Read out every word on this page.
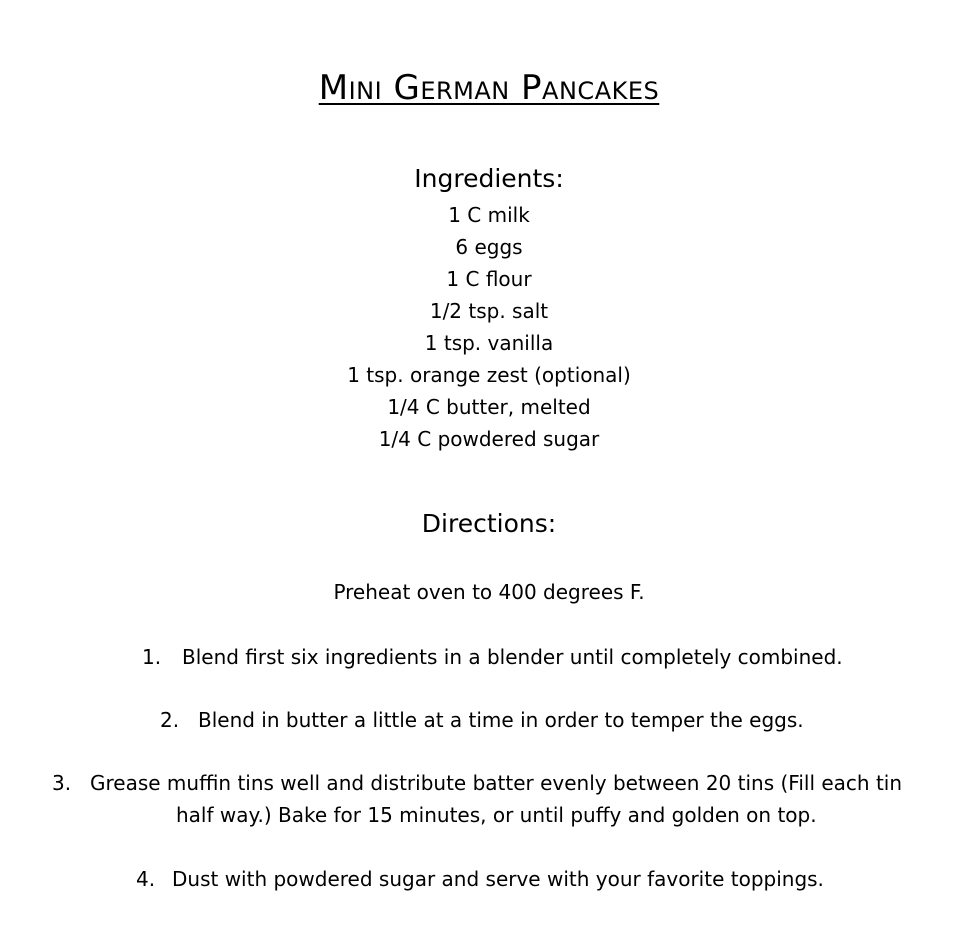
Mini German Pancakes
Ingredients:
1 C milk
6 eggs
1 C flour
1/2 tsp. salt
1 tsp. vanilla
1 tsp. orange zest (optional)
1/4 C butter, melted
1/4 C powdered sugar
Directions:
Preheat oven to 400 degrees F.
1. Blend first six ingredients in a blender until completely combined.
2. Blend in butter a little at a time in order to temper the eggs.
3. Grease muffin tins well and distribute batter evenly between 20 tins (Fill each tin
half way.) Bake for 15 minutes, or until puffy and golden on top.
4. Dust with powdered sugar and serve with your favorite toppings.
